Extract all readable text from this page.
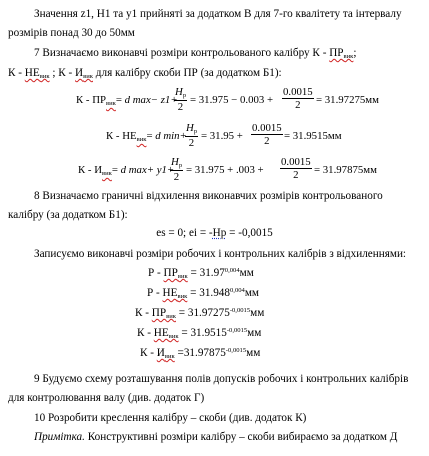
Значення z1, Н1 та у1 прийняті за додатком В для 7-го квалітету та інтервалу
розмірів понад 30 до 50мм
7 Визначаємо виконавчі розміри контрольованого калібру К - ПРвик;
К - НЕвик ; К - Ивик для калібру скоби ПР (за додатком Б1):
К - ПРвик= d max− z1+
$\frac{Hp}{2} = 31.975 - 0.003 + \frac{0.0015}{2} = 31.97275мм$
К - НЕвик= d min+
$\frac{Hp}{2} = 31.95 + \frac{0.0015}{2} = 31.9515мм$
К - Ивик= d max+ y1+
$\frac{Hp}{2} = 31.975 + .003 + \frac{0.0015}{2} = 31.97875мм$
8 Визначаємо граничні відхилення виконавчих розмірів контрольованого
калібру (за додатком Б1):
es = 0; ei = -Нр = -0,0015
Записуємо виконавчі розміри робочих і контрольних калібрів з відхиленнями:
Р - ПРвик = $31.97^{0,004}мм$
Р - НЕвик = $31.948^{0,004}мм$
К - ПРвик = $31.97275^{-0,0015}мм$
К - НЕвик = $31.9515^{-0,0015}мм$
К - Ивик $=31.97875^{-0,0015}мм$
9 Будуємо схему розташування полів допусків робочих і контрольних калібрів
для контролювання валу (див. додаток Г)
10 Розробити креслення калібру – скоби (див. додаток К)
Примітка. Конструктивні розміри калібру – скоби вибираємо за додатком Д
